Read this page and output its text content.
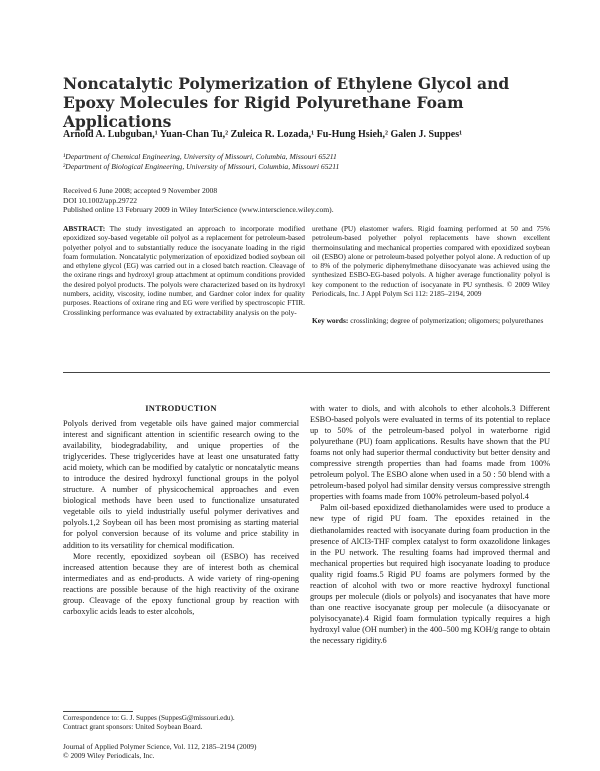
Noncatalytic Polymerization of Ethylene Glycol and Epoxy Molecules for Rigid Polyurethane Foam Applications
Arnold A. Lubguban,¹ Yuan-Chan Tu,² Zuleica R. Lozada,¹ Fu-Hung Hsieh,² Galen J. Suppes¹
¹Department of Chemical Engineering, University of Missouri, Columbia, Missouri 65211
²Department of Biological Engineering, University of Missouri, Columbia, Missouri 65211
Received 6 June 2008; accepted 9 November 2008
DOI 10.1002/app.29722
Published online 13 February 2009 in Wiley InterScience (www.interscience.wiley.com).
ABSTRACT: The study investigated an approach to incorporate modified epoxidized soy-based vegetable oil polyol as a replacement for petroleum-based polyether polyol and to substantially reduce the isocyanate loading in the rigid foam formulation. Noncatalytic polymerization of epoxidized bodied soybean oil and ethylene glycol (EG) was carried out in a closed batch reaction. Cleavage of the oxirane rings and hydroxyl group attachment at optimum conditions provided the desired polyol products. The polyols were characterized based on its hydroxyl numbers, acidity, viscosity, iodine number, and Gardner color index for quality purposes. Reactions of oxirane ring and EG were verified by spectroscopic FTIR. Crosslinking performance was evaluated by extractability analysis on the poly-
urethane (PU) elastomer wafers. Rigid foaming performed at 50 and 75% petroleum-based polyether polyol replacements have shown excellent thermoinsulating and mechanical properties compared with epoxidized soybean oil (ESBO) alone or petroleum-based polyether polyol alone. A reduction of up to 8% of the polymeric diphenylmethane diisocyanate was achieved using the synthesized ESBO-EG-based polyols. A higher average functionality polyol is key component to the reduction of isocyanate in PU synthesis. © 2009 Wiley Periodicals, Inc. J Appl Polym Sci 112: 2185–2194, 2009
Key words: crosslinking; degree of polymerization; oligomers; polyurethanes
INTRODUCTION

Polyols derived from vegetable oils have gained major commercial interest and significant attention in scientific research owing to the availability, biodegradability, and unique properties of the triglycerides. These triglycerides have at least one unsaturated fatty acid moiety, which can be modified by catalytic or noncatalytic means to introduce the desired hydroxyl functional groups in the polyol structure. A number of physicochemical approaches and even biological methods have been used to functionalize unsaturated vegetable oils to yield industrially useful polymer derivatives and polyols.1,2 Soybean oil has been most promising as starting material for polyol conversion because of its volume and price stability in addition to its versatility for chemical modification.

More recently, epoxidized soybean oil (ESBO) has received increased attention because they are of interest both as chemical intermediates and as end-products. A wide variety of ring-opening reactions are possible because of the high reactivity of the oxirane group. Cleavage of the epoxy functional group by reaction with carboxylic acids leads to ester alcohols,

with water to diols, and with alcohols to ether alcohols.3 Different ESBO-based polyols were evaluated in terms of its potential to replace up to 50% of the petroleum-based polyol in waterborne rigid polyurethane (PU) foam applications. Results have shown that the PU foams not only had superior thermal conductivity but better density and compressive strength properties than had foams made from 100% petroleum polyol. The ESBO alone when used in a 50 : 50 blend with a petroleum-based polyol had similar density versus compressive strength properties with foams made from 100% petroleum-based polyol.4

Palm oil-based epoxidized diethanolamides were used to produce a new type of rigid PU foam. The epoxides retained in the diethanolamides reacted with isocyanate during foam production in the presence of AlCl3-THF complex catalyst to form oxazolidone linkages in the PU network. The resulting foams had improved thermal and mechanical properties but required high isocyanate loading to produce quality rigid foams.5 Rigid PU foams are polymers formed by the reaction of alcohol with two or more reactive hydroxyl functional groups per molecule (diols or polyols) and isocyanates that have more than one reactive isocyanate group per molecule (a diisocyanate or polyisocyanate).4 Rigid foam formulation typically requires a high hydroxyl value (OH number) in the 400–500 mg KOH/g range to obtain the necessary rigidity.6

Correspondence to: G. J. Suppes (SuppesG@missouri.edu).
Contract grant sponsors: United Soybean Board.
Journal of Applied Polymer Science, Vol. 112, 2185–2194 (2009)
© 2009 Wiley Periodicals, Inc.
